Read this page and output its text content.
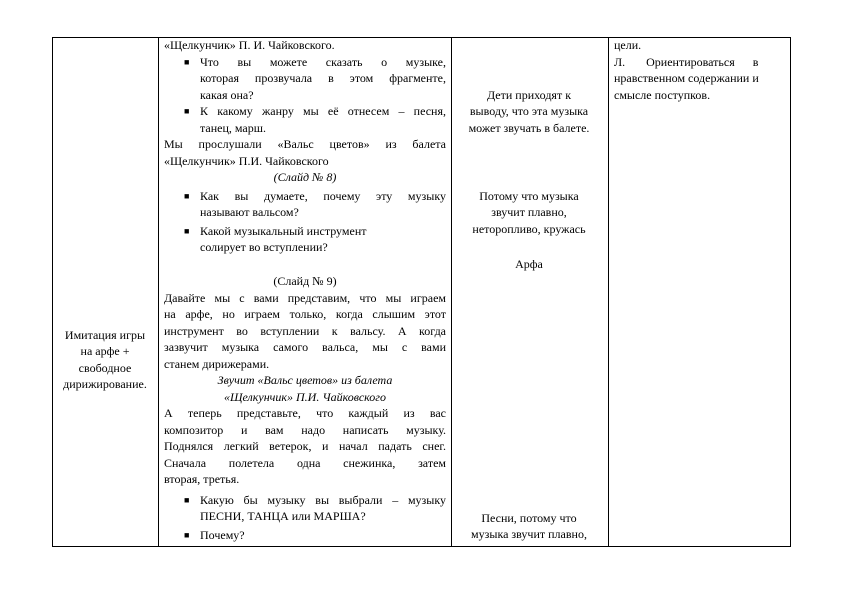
Имитация игры
на арфе +
свободное
дирижирование.
«Щелкунчик» П. И. Чайковского.
■ Что вы можете сказать о музыке,
которая прозвучала в этом фрагменте,
какая она?
■ К какому жанру мы её отнесем – песня,
танец, марш.
Мы прослушали «Вальс цветов» из балета
«Щелкунчик» П.И. Чайковского
(Слайд № 8)
■ Как вы думаете, почему эту музыку
называют вальсом?
■ Какой музыкальный инструмент
солирует во вступлении?
(Слайд № 9)
Давайте мы с вами представим, что мы играем
на арфе, но играем только, когда слышим этот
инструмент во вступлении к вальсу. А когда
зазвучит музыка самого вальса, мы с вами
станем дирижерами.
Звучит «Вальс цветов» из балета
«Щелкунчик» П.И. Чайковского
А теперь представьте, что каждый из вас
композитор и вам надо написать музыку.
Поднялся легкий ветерок, и начал падать снег.
Сначала полетела одна снежинка, затем
вторая, третья.
■ Какую бы музыку вы выбрали – музыку
ПЕСНИ, ТАНЦА или МАРША?
■ Почему?
Дети приходят к
выводу, что эта музыка
может звучать в балете.
Потому что музыка
звучит плавно,
неторопливо, кружась
Арфа
Песни, потому что
музыка звучит плавно,
цели.
Л.       Ориентироваться      в
нравственном содержании и
смысле поступков.
